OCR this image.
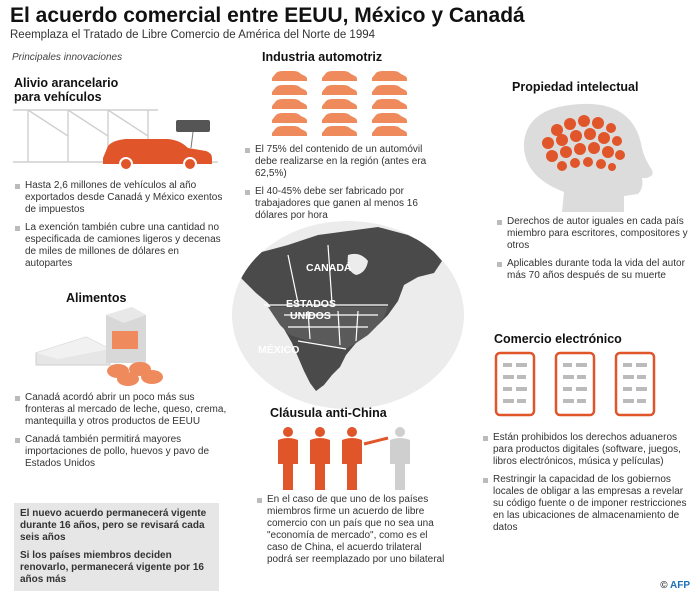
El acuerdo comercial entre EEUU, México y Canadá
Reemplaza el Tratado de Libre Comercio de América del Norte de 1994
Principales innovaciones
Alivio arancelario
para vehículos
Hasta 2,6 millones de vehículos al año exportados desde Canadá y México exentos de impuestos
La exención también cubre una cantidad no especificada de camiones ligeros y decenas de miles de millones de dólares en autopartes
Industria automotriz
El 75% del contenido de un automóvil debe realizarse en la región (antes era 62,5%)
El 40-45% debe ser fabricado por trabajadores que ganen al menos 16 dólares por hora
Propiedad intelectual
Derechos de autor iguales en cada país miembro para escritores, compositores y otros
Aplicables durante toda la vida del autor más 70 años después de su muerte
CANADÁ
ESTADOS
UNIDOS
MÉXICO
Alimentos
Canadá acordó abrir un poco más sus fronteras al mercado de leche, queso, crema, mantequilla y otros productos de EEUU
Canadá también permitirá mayores importaciones de pollo, huevos y pavo de Estados Unidos
El nuevo acuerdo permanecerá vigente durante 16 años, pero se revisará cada seis años
Si los países miembros deciden renovarlo, permanecerá vigente por 16 años más
Cláusula anti-China
En el caso de que uno de los países miembros firme un acuerdo de libre comercio con un país que no sea una "economía de mercado", como es el caso de China, el acuerdo trilateral podrá ser reemplazado por uno bilateral
Comercio electrónico
Están prohibidos los derechos aduaneros para productos digitales (software, juegos, libros electrónicos, música y películas)
Restringir la capacidad de los gobiernos locales de obligar a las empresas a revelar su código fuente o de imponer restricciones en las ubicaciones de almacenamiento de datos
© AFP
